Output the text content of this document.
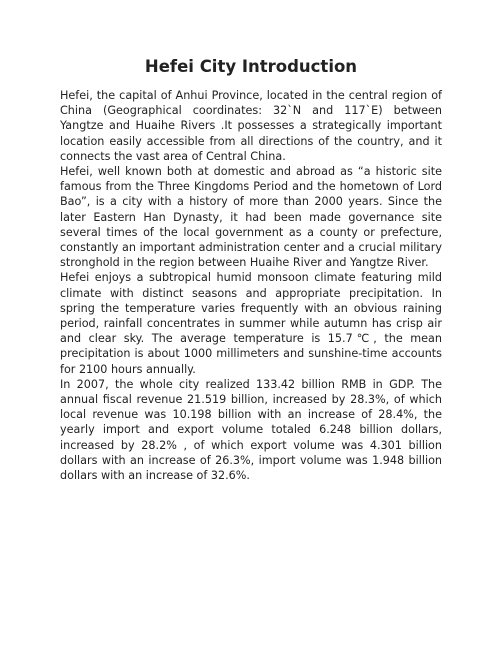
Hefei City Introduction

Hefei, the capital of Anhui Province, located in the central region of China (Geographical coordinates: 32`N and 117`E) between Yangtze and Huaihe Rivers .It possesses a strategically important location easily accessible from all directions of the country, and it connects the vast area of Central China.

Hefei, well known both at domestic and abroad as “a historic site famous from the Three Kingdoms Period and the hometown of Lord Bao”, is a city with a history of more than 2000 years. Since the later Eastern Han Dynasty, it had been made governance site several times of the local government as a county or prefecture, constantly an important administration center and a crucial military stronghold in the region between Huaihe River and Yangtze River.

Hefei enjoys a subtropical humid monsoon climate featuring mild climate with distinct seasons and appropriate precipitation. In spring the temperature varies frequently with an obvious raining period, rainfall concentrates in summer while autumn has crisp air and clear sky. The average temperature is 15.7℃, the mean precipitation is about 1000 millimeters and sunshine-time accounts for 2100 hours annually.

In 2007, the whole city realized 133.42 billion RMB in GDP. The annual fiscal revenue 21.519 billion, increased by 28.3%, of which local revenue was 10.198 billion with an increase of 28.4%, the yearly import and export volume totaled 6.248 billion dollars, increased by 28.2% , of which export volume was 4.301 billion dollars with an increase of 26.3%, import volume was 1.948 billion dollars with an increase of 32.6%.
